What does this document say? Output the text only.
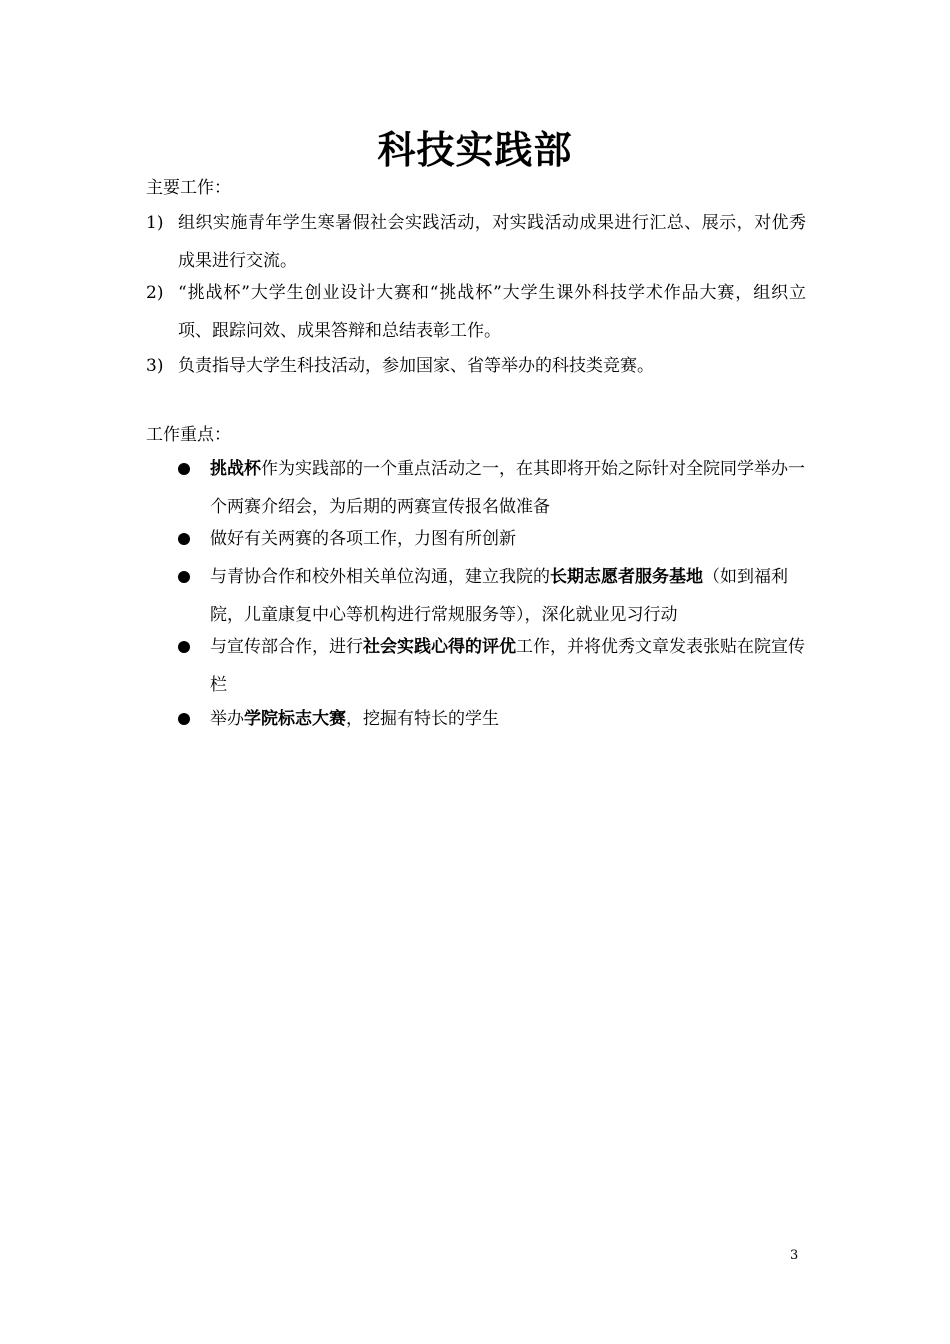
科技实践部
主要工作：
1) 组织实施青年学生寒暑假社会实践活动，对实践活动成果进行汇总、展示，对优秀成果进行交流。
2) “挑战杯”大学生创业设计大赛和“挑战杯”大学生课外科技学术作品大赛，组织立项、跟踪问效、成果答辩和总结表彰工作。
3) 负责指导大学生科技活动，参加国家、省等举办的科技类竞赛。
工作重点：
挑战杯作为实践部的一个重点活动之一，在其即将开始之际针对全院同学举办一个两赛介绍会，为后期的两赛宣传报名做准备
做好有关两赛的各项工作，力图有所创新
与青协合作和校外相关单位沟通，建立我院的长期志愿者服务基地（如到福利院，儿童康复中心等机构进行常规服务等），深化就业见习行动
与宣传部合作，进行社会实践心得的评优工作，并将优秀文章发表张贴在院宣传栏
举办学院标志大赛，挖掘有特长的学生
3
